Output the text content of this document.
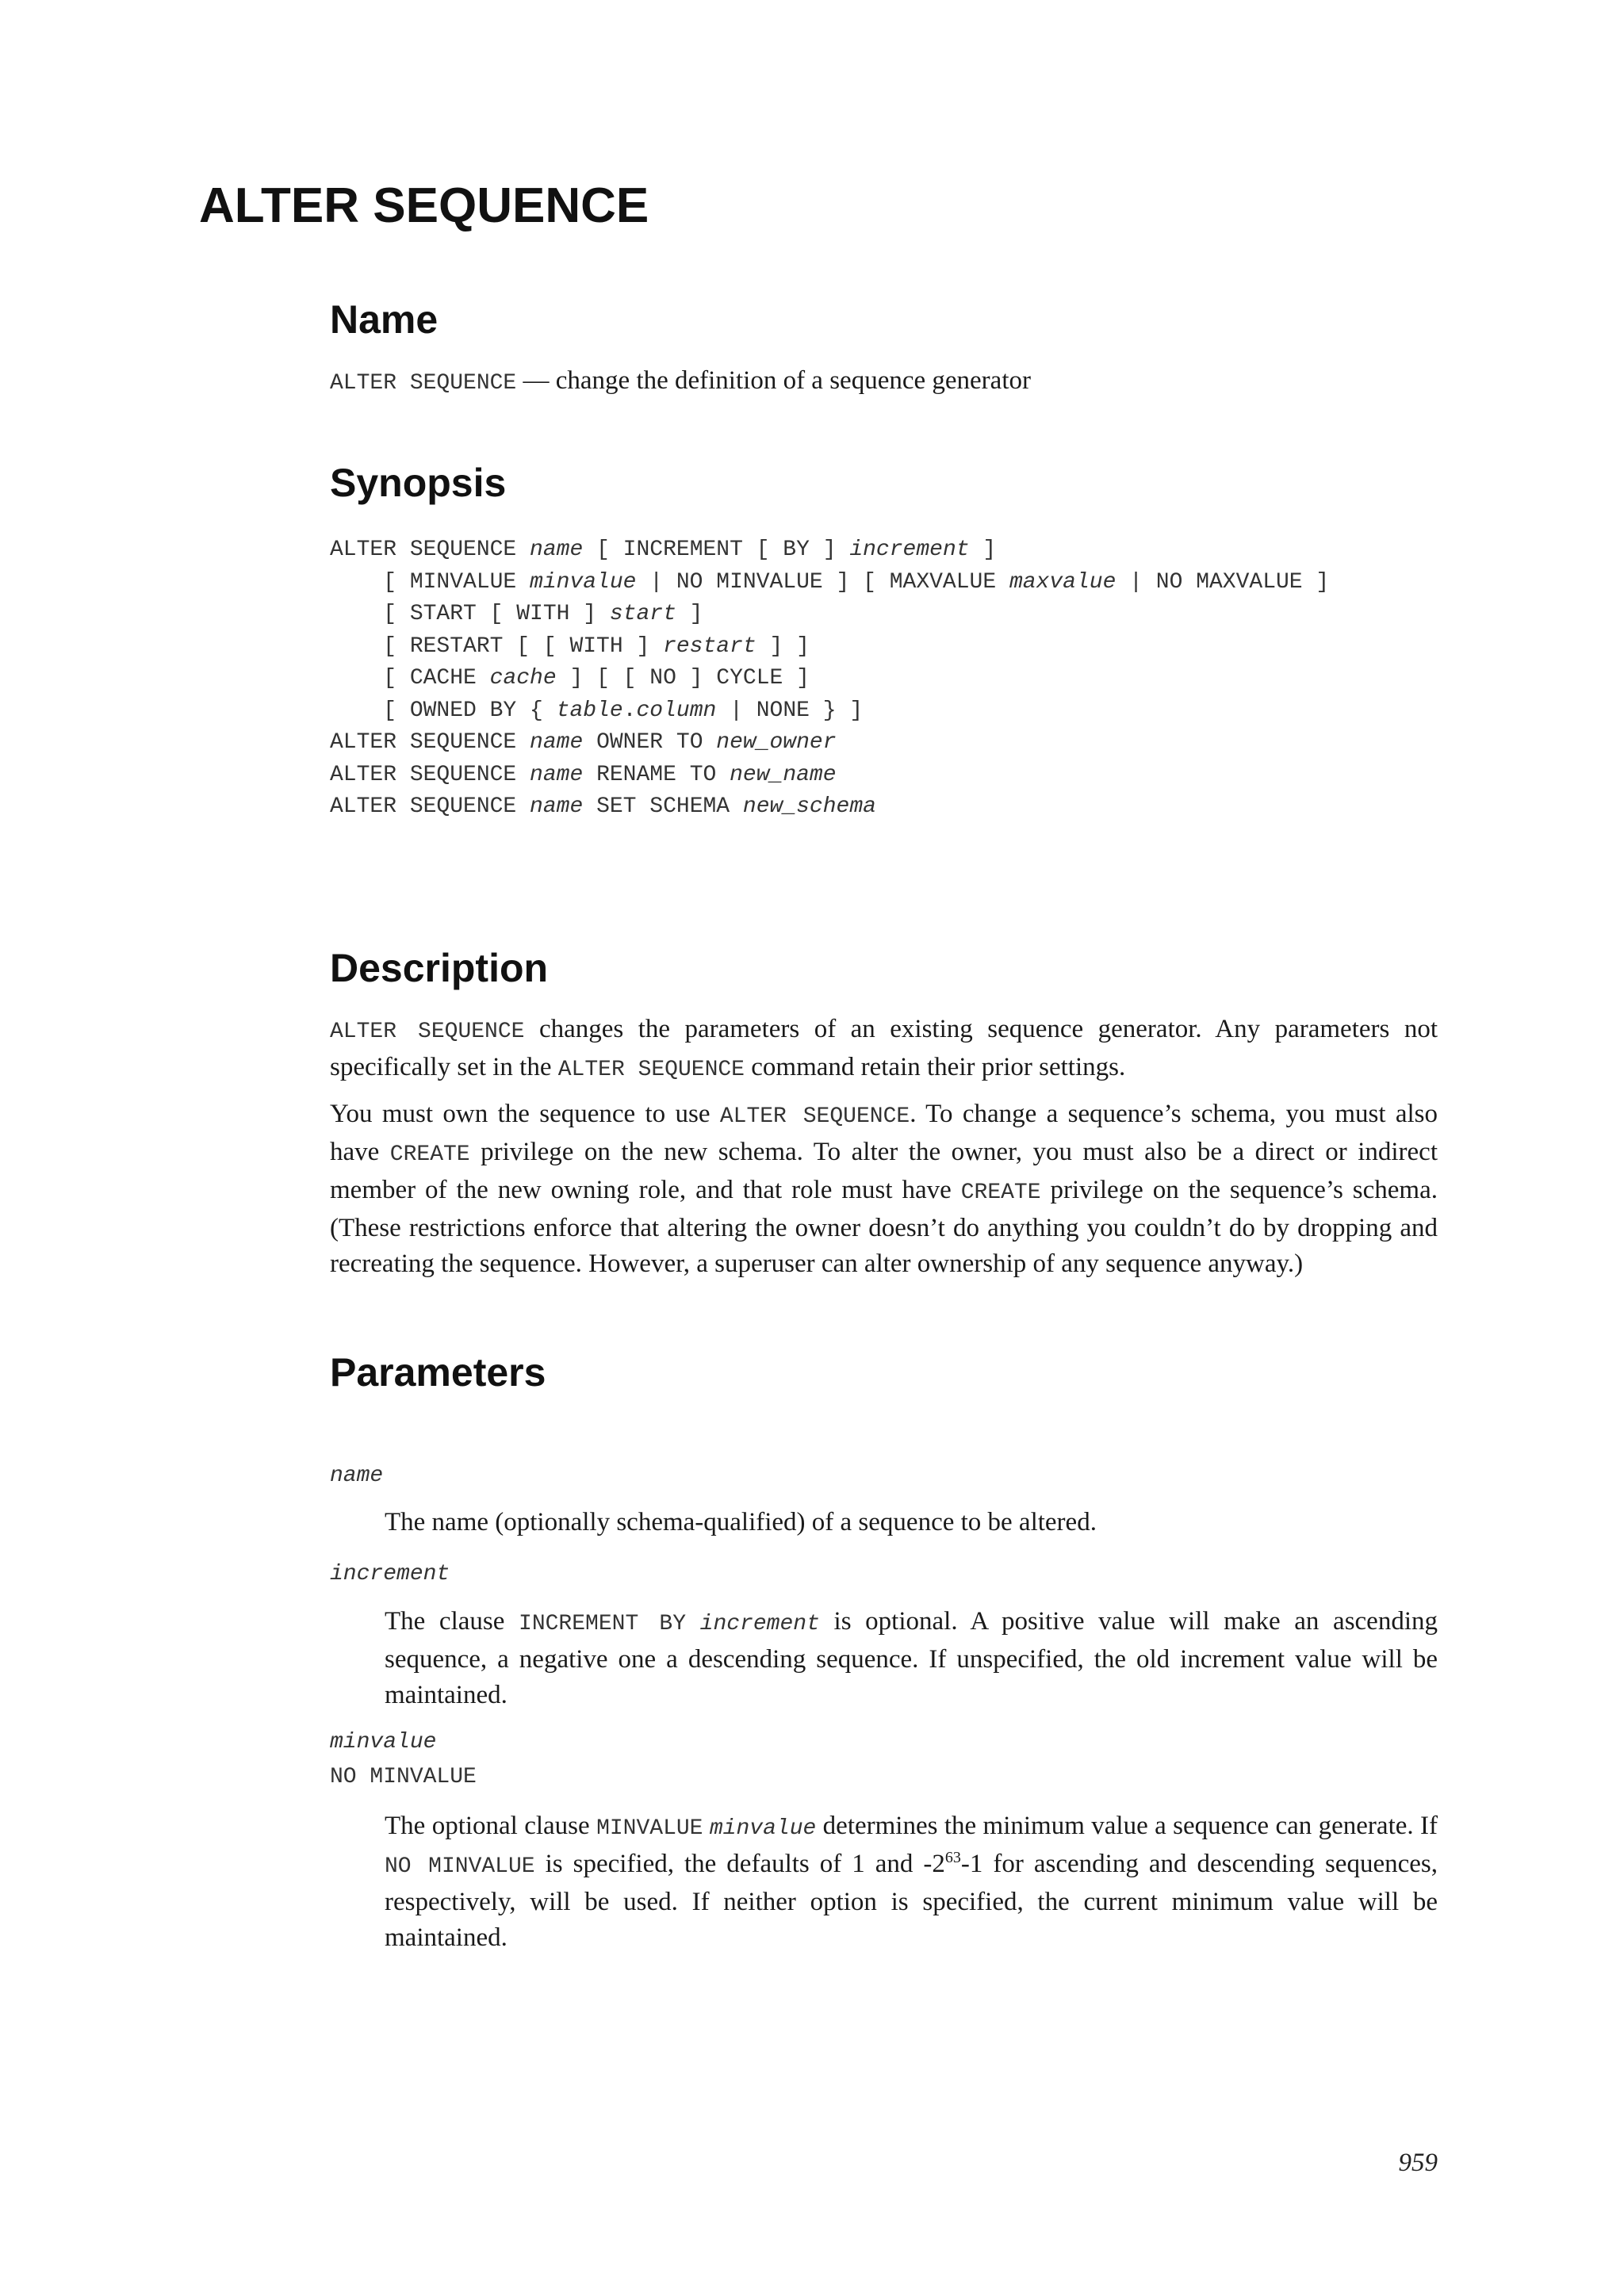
ALTER SEQUENCE
Name

ALTER SEQUENCE — change the definition of a sequence generator

Synopsis
ALTER SEQUENCE name [ INCREMENT [ BY ] increment ]
[ MINVALUE minvalue | NO MINVALUE ] [ MAXVALUE maxvalue | NO MAXVALUE ]
[ START [ WITH ] start ]
[ RESTART [ [ WITH ] restart ] ]
[ CACHE cache ] [ [ NO ] CYCLE ]
[ OWNED BY { table.column | NONE } ]
ALTER SEQUENCE name OWNER TO new_owner
ALTER SEQUENCE name RENAME TO new_name
ALTER SEQUENCE name SET SCHEMA new_schema
Description

ALTER SEQUENCE changes the parameters of an existing sequence generator. Any parameters not specifically set in the ALTER SEQUENCE command retain their prior settings.

You must own the sequence to use ALTER SEQUENCE. To change a sequence’s schema, you must also have CREATE privilege on the new schema. To alter the owner, you must also be a direct or indirect member of the new owning role, and that role must have CREATE privilege on the sequence’s schema. (These restrictions enforce that altering the owner doesn’t do anything you couldn’t do by dropping and recreating the sequence. However, a superuser can alter ownership of any sequence anyway.)

Parameters
name

The name (optionally schema-qualified) of a sequence to be altered.

increment

The clause INCREMENT BY increment is optional. A positive value will make an ascending sequence, a negative one a descending sequence. If unspecified, the old increment value will be maintained.

minvalue
NO MINVALUE

The optional clause MINVALUE minvalue determines the minimum value a sequence can generate. If NO MINVALUE is specified, the defaults of 1 and $-2^{63}-1$ for ascending and descending sequences, respectively, will be used. If neither option is specified, the current minimum value will be maintained.

959
